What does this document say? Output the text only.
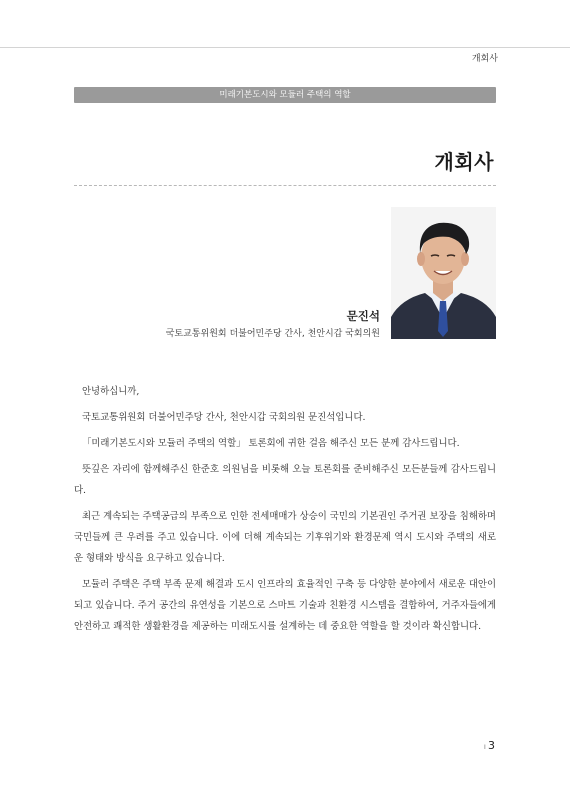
개회사
미래기본도시와 모듈러 주택의 역할
개회사
문진석
국토교통위원회 더불어민주당 간사, 천안시갑 국회의원

안녕하십니까,

국토교통위원회 더불어민주당 간사, 천안시갑 국회의원 문진석입니다.

「미래기본도시와 모듈러 주택의 역할」 토론회에 귀한 걸음 해주신 모든 분께 감사드립니다.

뜻깊은 자리에 함께해주신 한준호 의원님을 비롯해 오늘 토론회를 준비해주신 모든분들께 감사드립니다.

최근 계속되는 주택공급의 부족으로 인한 전세매매가 상승이 국민의 기본권인 주거권 보장을 침해하며 국민들께 큰 우려를 주고 있습니다. 이에 더해 계속되는 기후위기와 환경문제 역시 도시와 주택의 새로운 형태와 방식을 요구하고 있습니다.

모듈러 주택은 주택 부족 문제 해결과 도시 인프라의 효율적인 구축 등 다양한 분야에서 새로운 대안이 되고 있습니다. 주거 공간의 유연성을 기본으로 스마트 기술과 친환경 시스템을 결합하여, 거주자들에게 안전하고 쾌적한 생활환경을 제공하는 미래도시를 설계하는 데 중요한 역할을 할 것이라 확신합니다.

ı 3
